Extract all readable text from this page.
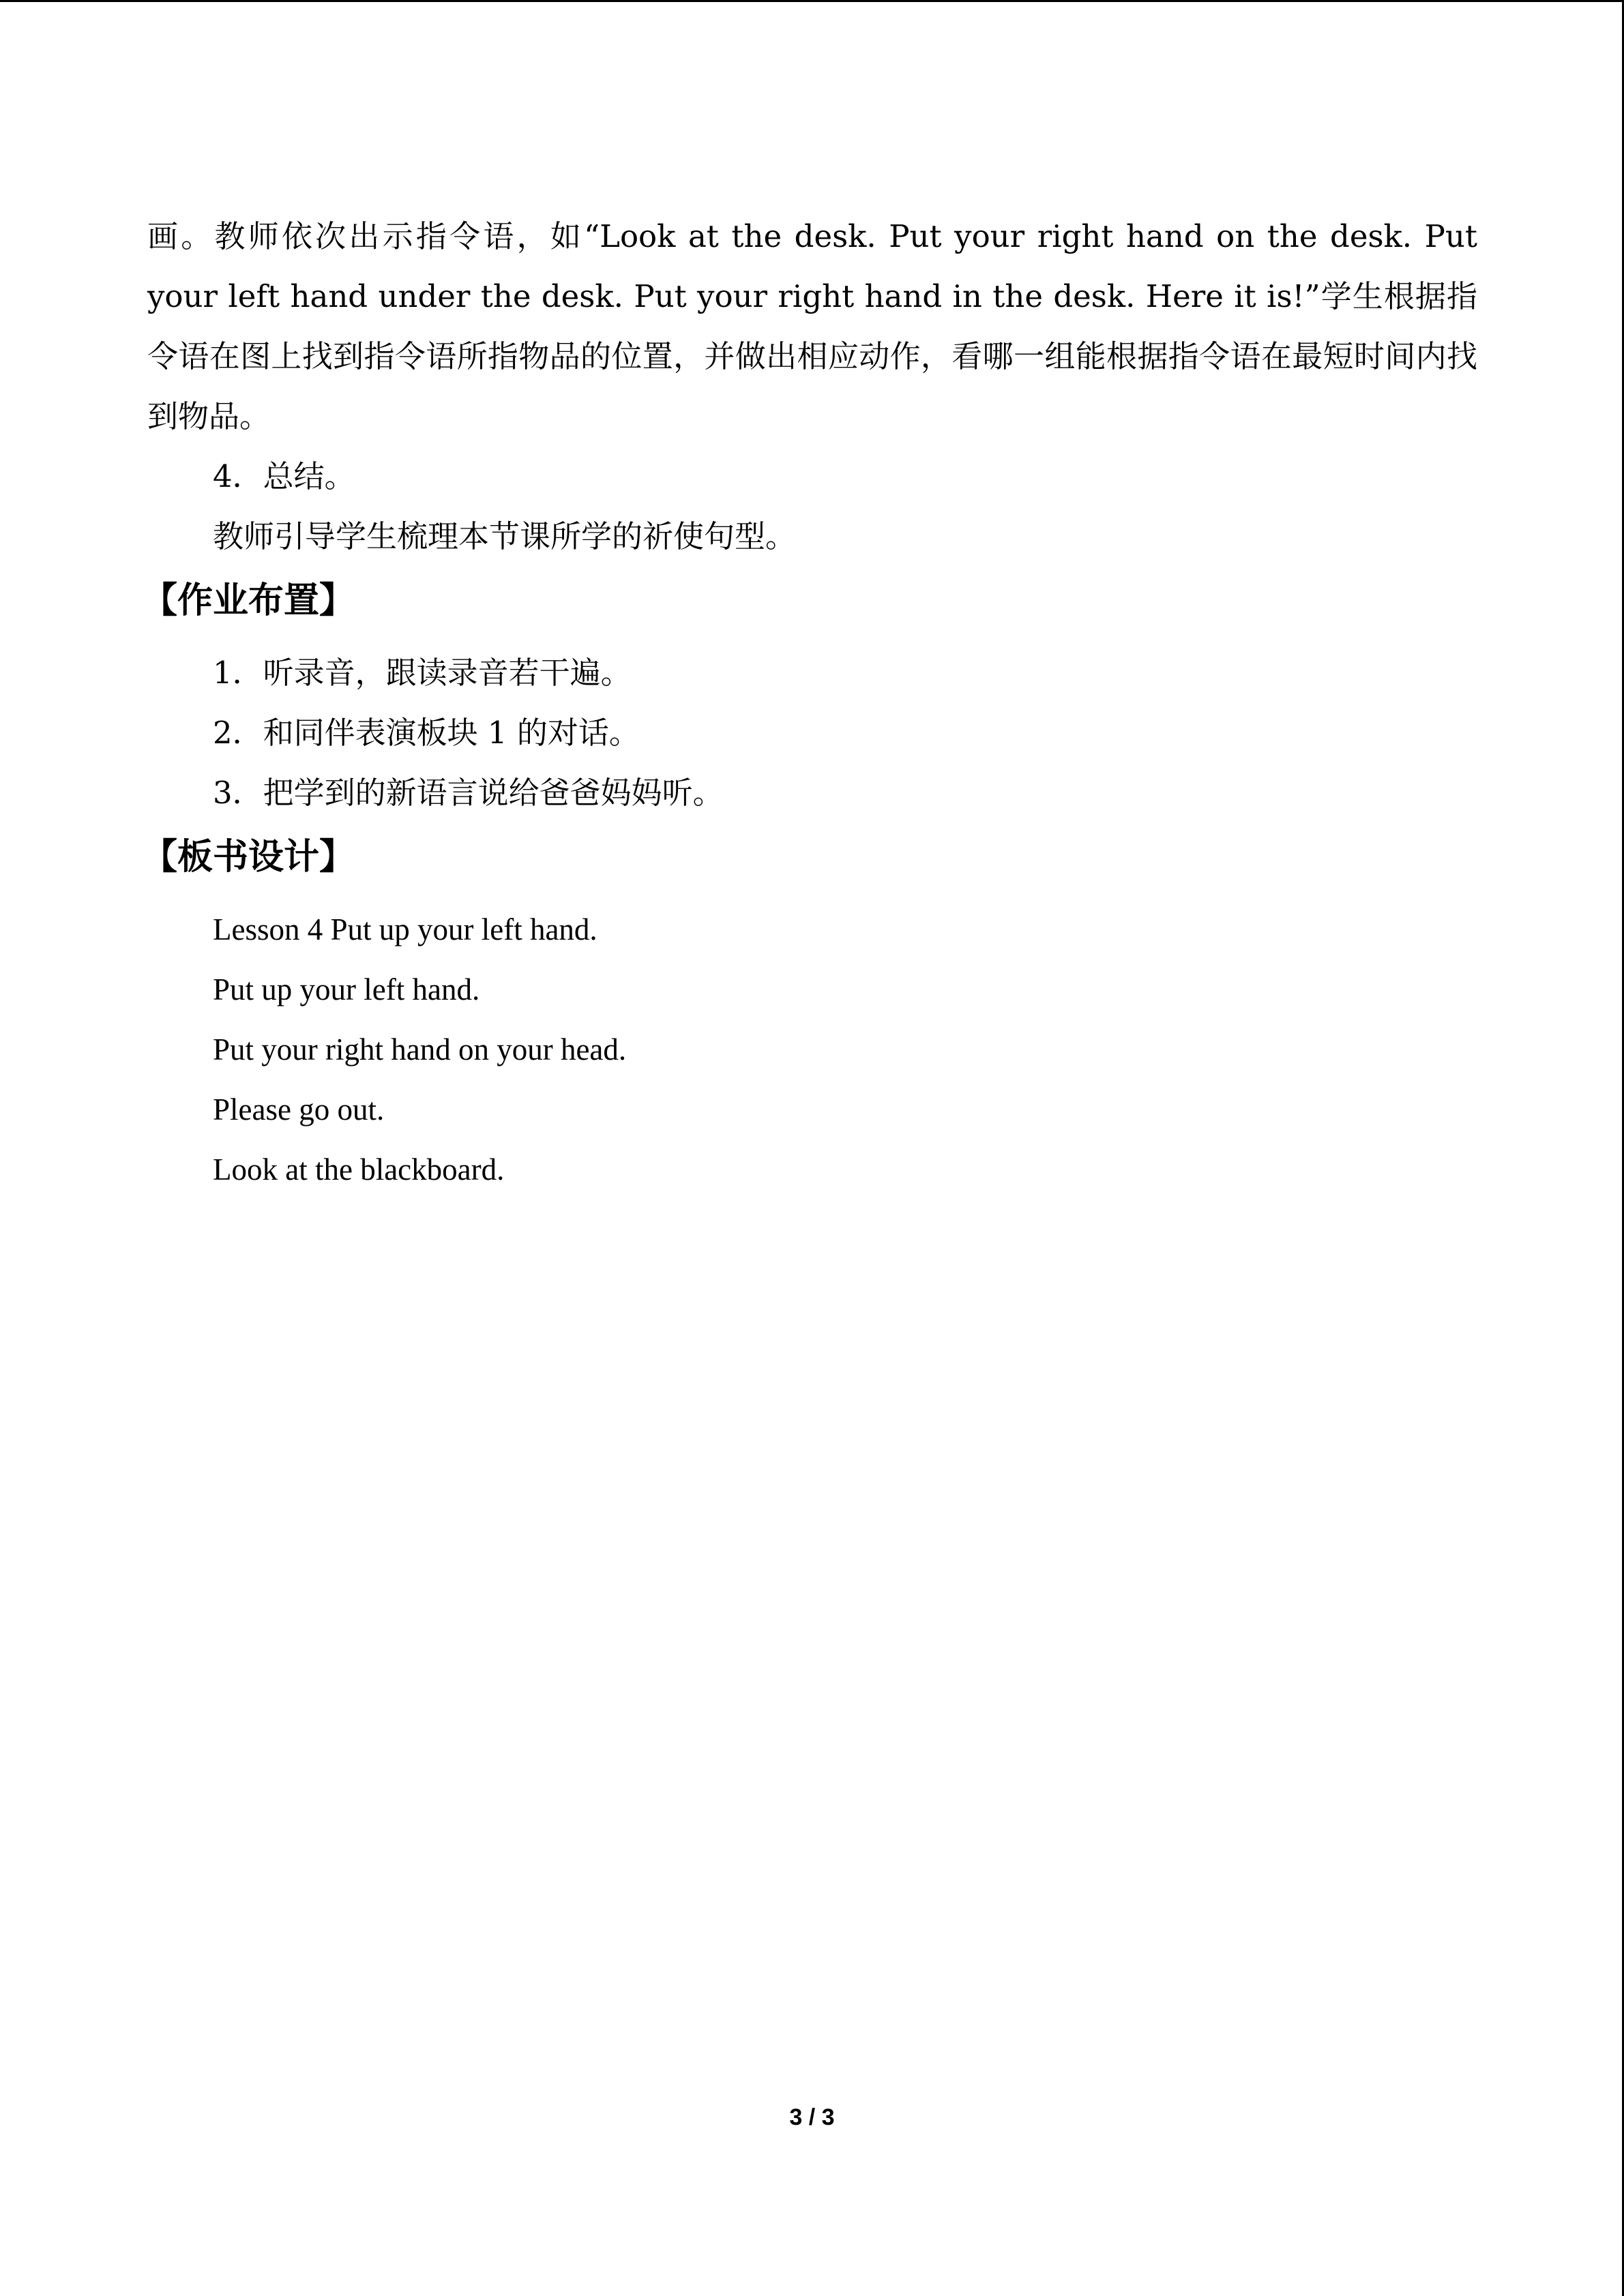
画。教师依次出示指令语，如“Look at the desk. Put your right hand on the desk. Put your left hand under the desk. Put your right hand in the desk. Here it is!”学生根据指令语在图上找到指令语所指物品的位置，并做出相应动作，看哪一组能根据指令语在最短时间内找到物品。

4．总结。

教师引导学生梳理本节课所学的祈使句型。

【作业布置】

1．听录音，跟读录音若干遍。

2．和同伴表演板块 1 的对话。

3．把学到的新语言说给爸爸妈妈听。

【板书设计】

Lesson 4 Put up your left hand.

Put up your left hand.

Put your right hand on your head.

Please go out.

Look at the blackboard.

3 / 3
